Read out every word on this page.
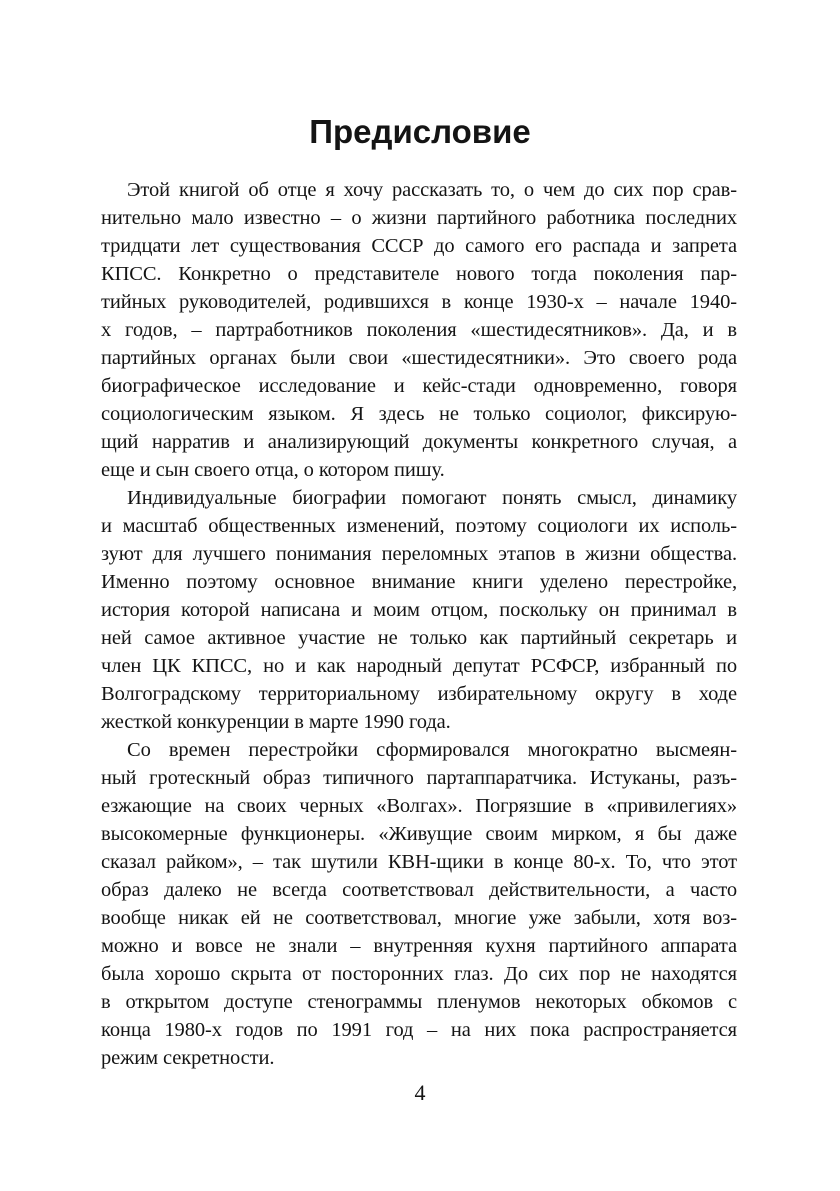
Предисловие
Этой книгой об отце я хочу рассказать то, о чем до сих пор срав-
нительно мало известно – о жизни партийного работника последних
тридцати лет существования СССР до самого его распада и запрета
КПСС. Конкретно о представителе нового тогда поколения пар-
тийных руководителей, родившихся в конце 1930-х – начале 1940-
х годов, – партработников поколения «шестидесятников». Да, и в
партийных органах были свои «шестидесятники». Это своего рода
биографическое исследование и кейс-стади одновременно, говоря
социологическим языком. Я здесь не только социолог, фиксирую-
щий нарратив и анализирующий документы конкретного случая, а
еще и сын своего отца, о котором пишу.
Индивидуальные биографии помогают понять смысл, динамику
и масштаб общественных изменений, поэтому социологи их исполь-
зуют для лучшего понимания переломных этапов в жизни общества.
Именно поэтому основное внимание книги уделено перестройке,
история которой написана и моим отцом, поскольку он принимал в
ней самое активное участие не только как партийный секретарь и
член ЦК КПСС, но и как народный депутат РСФСР, избранный по
Волгоградскому территориальному избирательному округу в ходе
жесткой конкуренции в марте 1990 года.
Со времен перестройки сформировался многократно высмеян-
ный гротескный образ типичного партаппаратчика. Истуканы, разъ-
езжающие на своих черных «Волгах». Погрязшие в «привилегиях»
высокомерные функционеры. «Живущие своим мирком, я бы даже
сказал райком», – так шутили КВН-щики в конце 80-х. То, что этот
образ далеко не всегда соответствовал действительности, а часто
вообще никак ей не соответствовал, многие уже забыли, хотя воз-
можно и вовсе не знали – внутренняя кухня партийного аппарата
была хорошо скрыта от посторонних глаз. До сих пор не находятся
в открытом доступе стенограммы пленумов некоторых обкомов с
конца 1980-х годов по 1991 год – на них пока распространяется
режим секретности.
4
